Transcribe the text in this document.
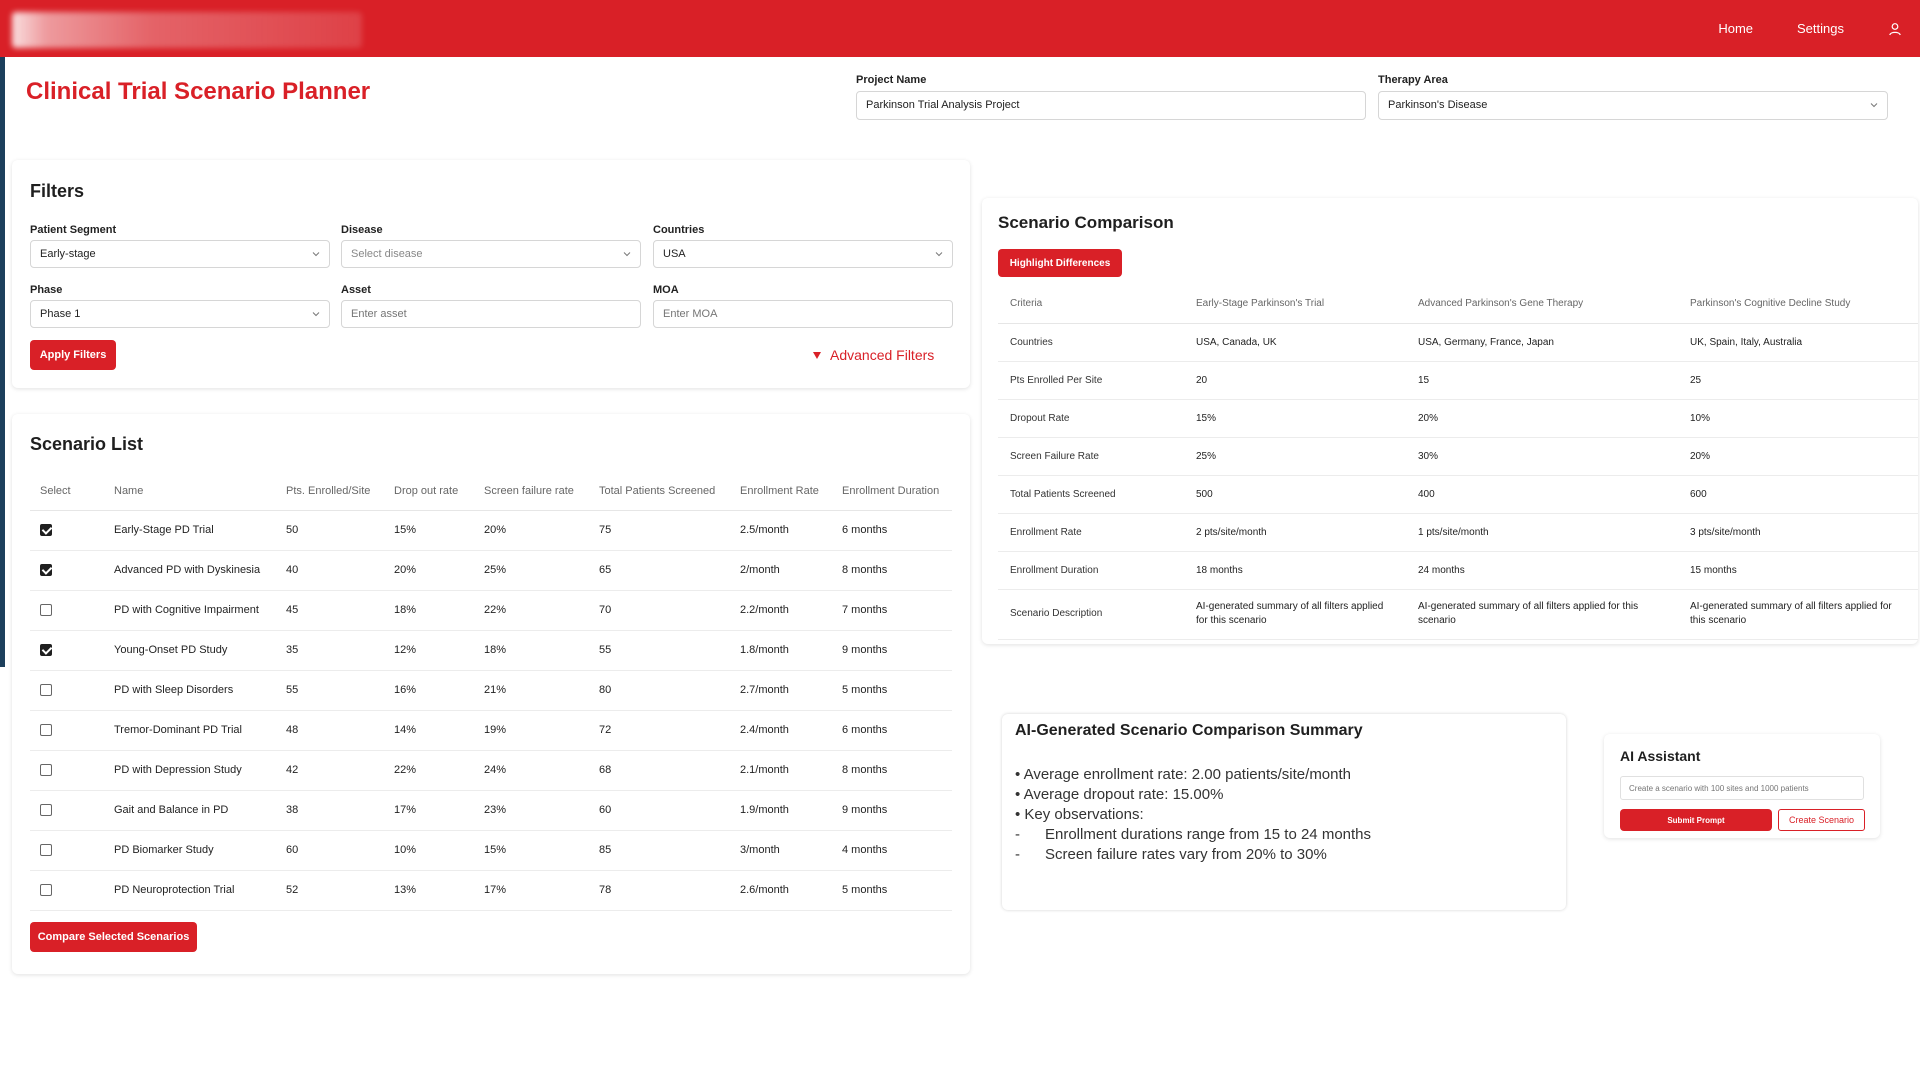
Home	Settings
Clinical Trial Scenario Planner	Project Name
Parkinson Trial Analysis Project
Therapy Area
Parkinson's Disease
Filters
Patient Segment
Early-stage
Disease
Select disease
Countries
USA
Phase
Phase 1
Asset
Enter asset	MOA
Enter MOA
Apply Filters	Advanced Filters
Scenario List
Select	Name	Pts. Enrolled/Site	Drop out rate	Screen failure rate	Total Patients Screened	Enrollment Rate	Enrollment Duration
	Early-Stage PD Trial	50	15%	20%	75	2.5/month	6 months
	Advanced PD with Dyskinesia	40	20%	25%	65	2/month	8 months
	PD with Cognitive Impairment	45	18%	22%	70	2.2/month	7 months
	Young-Onset PD Study	35	12%	18%	55	1.8/month	9 months
	PD with Sleep Disorders	55	16%	21%	80	2.7/month	5 months
	Tremor-Dominant PD Trial	48	14%	19%	72	2.4/month	6 months
	PD with Depression Study	42	22%	24%	68	2.1/month	8 months
	Gait and Balance in PD	38	17%	23%	60	1.9/month	9 months
	PD Biomarker Study	60	10%	15%	85	3/month	4 months
	PD Neuroprotection Trial	52	13%	17%	78	2.6/month	5 months
Compare Selected Scenarios
Scenario Comparison
Highlight Differences
Criteria	Early-Stage Parkinson's Trial	Advanced Parkinson's Gene Therapy	Parkinson's Cognitive Decline Study
Countries	USA, Canada, UK	USA, Germany, France, Japan	UK, Spain, Italy, Australia
Pts Enrolled Per Site	20	15	25
Dropout Rate	15%	20%	10%
Screen Failure Rate	25%	30%	20%
Total Patients Screened	500	400	600
Enrollment Rate	2 pts/site/month	1 pts/site/month	3 pts/site/month
Enrollment Duration	18 months	24 months	15 months
Scenario Description	AI-generated summary of all filters applied for this scenario	AI-generated summary of all filters applied for this scenario	AI-generated summary of all filters applied for this scenario
AI-Generated Scenario Comparison Summary
• Average enrollment rate: 2.00 patients/site/month
• Average dropout rate: 15.00%
• Key observations:
-      Enrollment durations range from 15 to 24 months
-      Screen failure rates vary from 20% to 30%
AI Assistant
Create a scenario with 100 sites and 1000 patients
Submit Prompt	Create Scenario
